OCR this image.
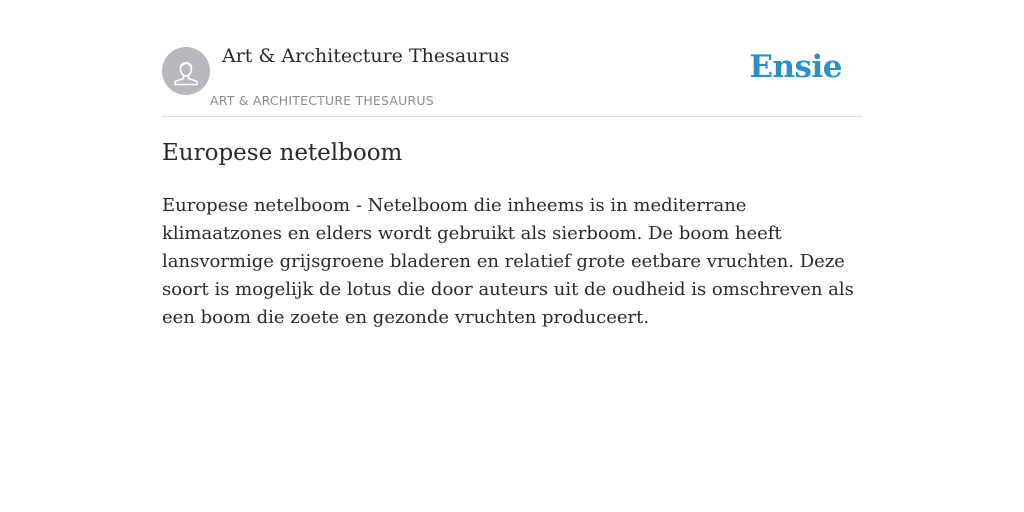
Art & Architecture Thesaurus
ART & ARCHITECTURE THESAURUS
Ensie
Europese netelboom

Europese netelboom - Netelboom die inheems is in mediterrane klimaatzones en elders wordt gebruikt als sierboom. De boom heeft lansvormige grijsgroene bladeren en relatief grote eetbare vruchten. Deze soort is mogelijk de lotus die door auteurs uit de oudheid is omschreven als een boom die zoete en gezonde vruchten produceert.
